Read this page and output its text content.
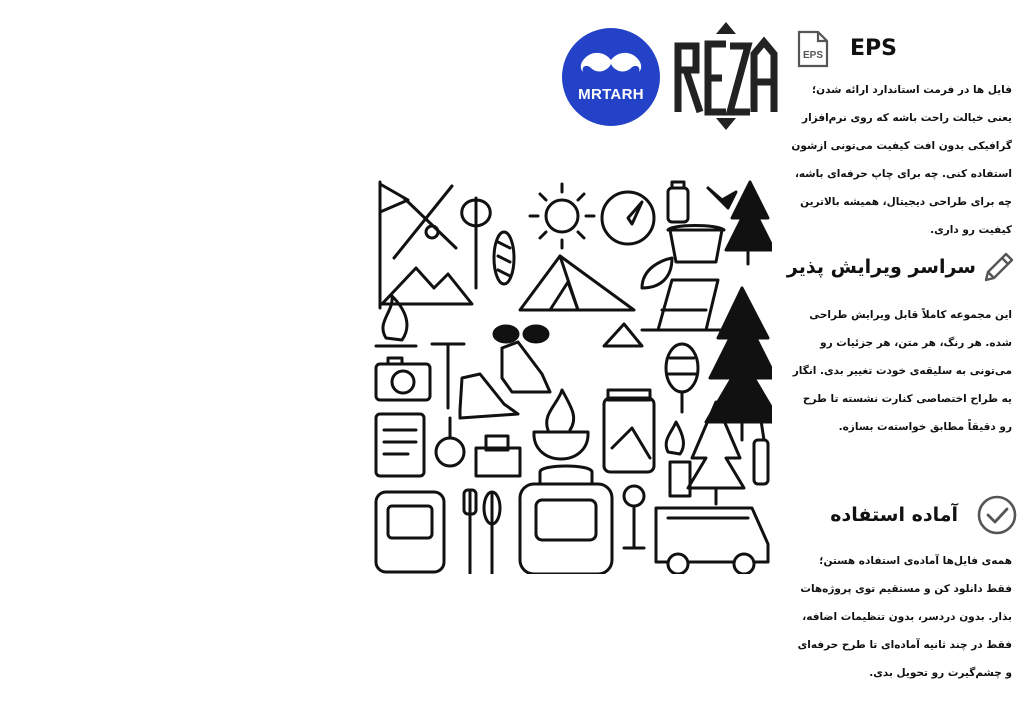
MRTARH
EPS EPS
فایل ها در فرمت استاندارد ارائه شدن؛ یعنی خیالت راحت باشه که روی نرم‌افزار گرافیکی بدون افت کیفیت می‌تونی ازشون استفاده کنی. چه برای چاپ حرفه‌ای باشه، چه برای طراحی دیجیتال، همیشه بالاترین کیفیت رو داری.
سراسر ویرایش پذیر
این مجموعه کاملاً قابل ویرایش طراحی شده. هر رنگ، هر متن، هر جزئیات رو می‌تونی به سلیقه‌ی خودت تغییر بدی. انگار یه طراح اختصاصی کنارت نشسته تا طرح رو دقیقاً مطابق خواسته‌ت بسازه.
آماده استفاده
همه‌ی فایل‌ها آماده‌ی استفاده هستن؛ فقط دانلود کن و مستقیم توی پروژه‌هات بذار. بدون دردسر، بدون تنظیمات اضافه، فقط در چند ثانیه آماده‌ای تا طرح حرفه‌ای و چشم‌گیرت رو تحویل بدی.
